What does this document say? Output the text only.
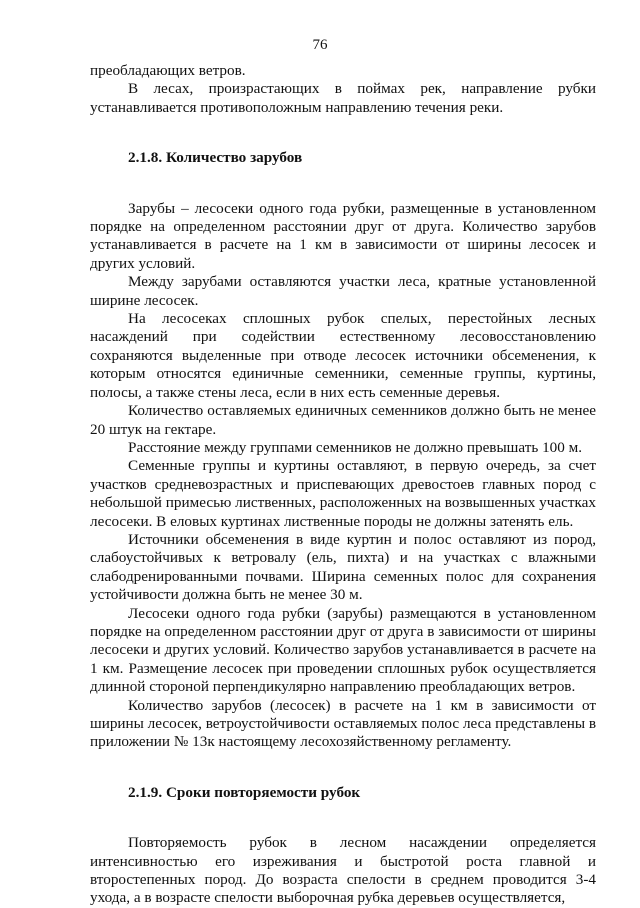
76

преобладающих ветров.

В лесах, произрастающих в поймах рек, направление рубки устанавливается противоположным направлению течения реки.

2.1.8. Количество зарубов

Зарубы – лесосеки одного года рубки, размещенные в установленном порядке на определенном расстоянии друг от друга. Количество зарубов устанавливается в расчете на 1 км в зависимости от ширины лесосек и других условий.

Между зарубами оставляются участки леса, кратные установленной ширине лесосек.

На лесосеках сплошных рубок спелых, перестойных лесных насаждений при содействии естественному лесовосстановлению сохраняются выделенные при отводе лесосек источники обсеменения, к которым относятся единичные семенники, семенные группы, куртины, полосы, а также стены леса, если в них есть семенные деревья.

Количество оставляемых единичных семенников должно быть не менее 20 штук на гектаре.

Расстояние между группами семенников не должно превышать 100 м.

Семенные группы и куртины оставляют, в первую очередь, за счет участков средневозрастных и приспевающих древостоев главных пород с небольшой примесью лиственных, расположенных на возвышенных участках лесосеки. В еловых куртинах лиственные породы не должны затенять ель.

Источники обсеменения в виде куртин и полос оставляют из пород, слабоустойчивых к ветровалу (ель, пихта) и на участках с влажными слабодренированными почвами. Ширина семенных полос для сохранения устойчивости должна быть не менее 30 м.

Лесосеки одного года рубки (зарубы) размещаются в установленном порядке на определенном расстоянии друг от друга в зависимости от ширины лесосеки и других условий. Количество зарубов устанавливается в расчете на 1 км. Размещение лесосек при проведении сплошных рубок осуществляется длинной стороной перпендикулярно направлению преобладающих ветров.

Количество зарубов (лесосек) в расчете на 1 км в зависимости от ширины лесосек, ветроустойчивости оставляемых полос леса представлены в приложении № 13к настоящему лесохозяйственному регламенту.

2.1.9. Сроки повторяемости рубок

Повторяемость рубок в лесном насаждении определяется интенсивностью его изреживания и быстротой роста главной и второстепенных пород. До возраста спелости в среднем проводится 3-4 ухода, а в возрасте спелости выборочная рубка деревьев осуществляется,
